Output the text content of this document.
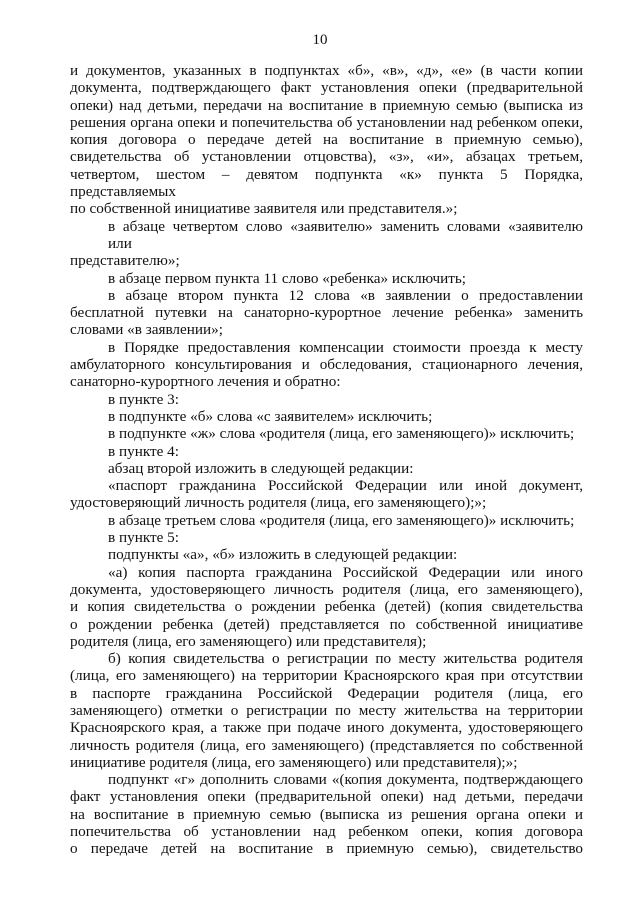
10
и документов, указанных в подпунктах «б», «в», «д», «е» (в части копии
документа, подтверждающего факт установления опеки (предварительной
опеки) над детьми, передачи на воспитание в приемную семью (выписка из
решения органа опеки и попечительства об установлении над ребенком опеки,
копия договора о передаче детей на воспитание в приемную семью),
свидетельства об установлении отцовства), «з», «и», абзацах третьем,
четвертом, шестом – девятом подпункта «к» пункта 5 Порядка, представляемых
по собственной инициативе заявителя или представителя.»;
в абзаце четвертом слово «заявителю» заменить словами «заявителю или
представителю»;
в абзаце первом пункта 11 слово «ребенка» исключить;
в абзаце втором пункта 12 слова «в заявлении о предоставлении
бесплатной путевки на санаторно-курортное лечение ребенка» заменить
словами «в заявлении»;
в Порядке предоставления компенсации стоимости проезда к месту
амбулаторного консультирования и обследования, стационарного лечения,
санаторно-курортного лечения и обратно:
в пункте 3:
в подпункте «б» слова «с заявителем» исключить;
в подпункте «ж» слова «родителя (лица, его заменяющего)» исключить;
в пункте 4:
абзац второй изложить в следующей редакции:
«паспорт гражданина Российской Федерации или иной документ,
удостоверяющий личность родителя (лица, его заменяющего);»;
в абзаце третьем слова «родителя (лица, его заменяющего)» исключить;
в пункте 5:
подпункты «а», «б» изложить в следующей редакции:
«а) копия паспорта гражданина Российской Федерации или иного
документа, удостоверяющего личность родителя (лица, его заменяющего),
и копия свидетельства о рождении ребенка (детей) (копия свидетельства
о рождении ребенка (детей) представляется по собственной инициативе
родителя (лица, его заменяющего) или представителя);
б) копия свидетельства о регистрации по месту жительства родителя
(лица, его заменяющего) на территории Красноярского края при отсутствии
в паспорте гражданина Российской Федерации родителя (лица, его
заменяющего) отметки о регистрации по месту жительства на территории
Красноярского края, а также при подаче иного документа, удостоверяющего
личность родителя (лица, его заменяющего) (представляется по собственной
инициативе родителя (лица, его заменяющего) или представителя);»;
подпункт «г» дополнить словами «(копия документа, подтверждающего
факт установления опеки (предварительной опеки) над детьми, передачи
на воспитание в приемную семью (выписка из решения органа опеки и
попечительства об установлении над ребенком опеки, копия договора
о передаче детей на воспитание в приемную семью), свидетельство
